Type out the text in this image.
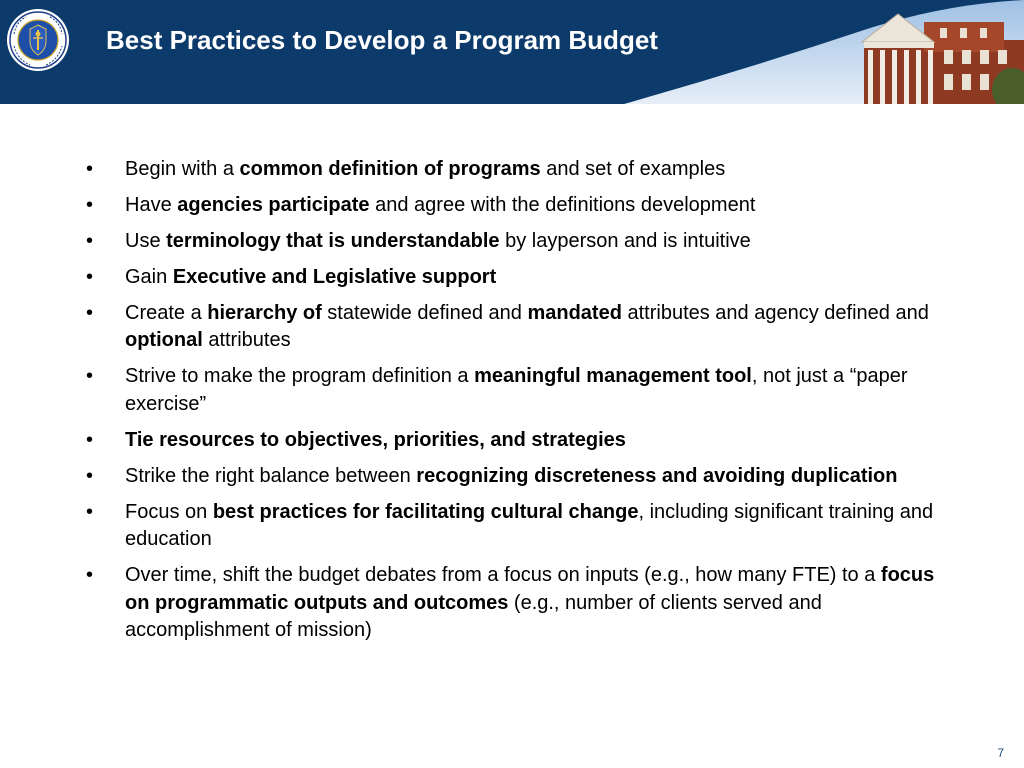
Best Practices to Develop a Program Budget
• Begin with a common definition of programs and set of examples
• Have agencies participate and agree with the definitions development
• Use terminology that is understandable by layperson and is intuitive
• Gain Executive and Legislative support
• Create a hierarchy of statewide defined and mandated attributes and agency defined and optional attributes
• Strive to make the program definition a meaningful management tool, not just a “paper exercise”
• Tie resources to objectives, priorities, and strategies
• Strike the right balance between recognizing discreteness and avoiding duplication
• Focus on best practices for facilitating cultural change, including significant training and education
• Over time, shift the budget debates from a focus on inputs (e.g., how many FTE) to a focus on programmatic outputs and outcomes (e.g., number of clients served and accomplishment of mission)
7
